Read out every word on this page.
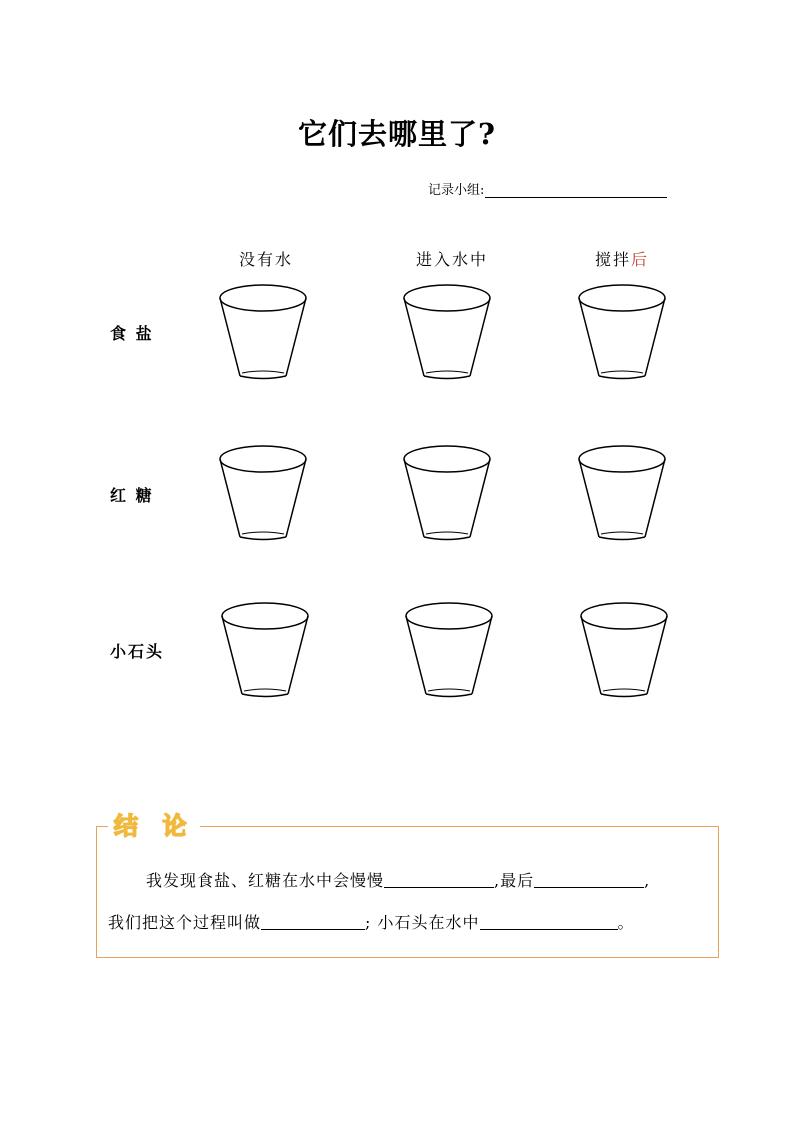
它们去哪里了?
记录小组:
没有水	进入水中	搅拌后
食 盐
红 糖
小石头
结 论
我发现食盐、红糖在水中会慢慢	,最后	,
我们把这个过程叫做	; 小石头在水中	。
